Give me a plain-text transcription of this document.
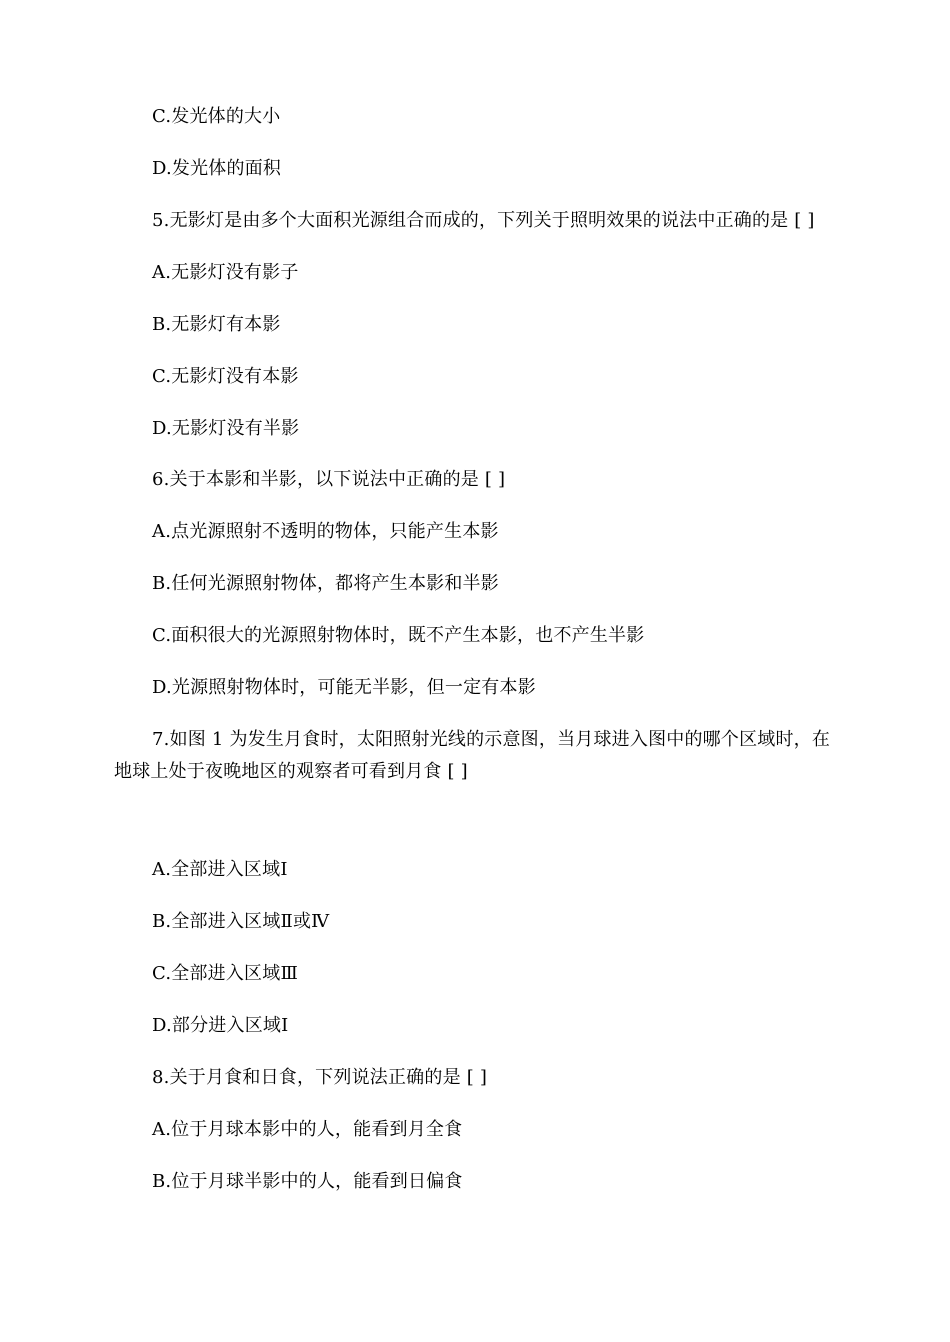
C.发光体的大小
D.发光体的面积
5.无影灯是由多个大面积光源组合而成的，下列关于照明效果的说法中正确的是 [ ]
A.无影灯没有影子
B.无影灯有本影
C.无影灯没有本影
D.无影灯没有半影
6.关于本影和半影，以下说法中正确的是 [ ]
A.点光源照射不透明的物体，只能产生本影
B.任何光源照射物体，都将产生本影和半影
C.面积很大的光源照射物体时，既不产生本影，也不产生半影
D.光源照射物体时，可能无半影，但一定有本影
7.如图 1 为发生月食时，太阳照射光线的示意图，当月球进入图中的哪个区域时，在地球上处于夜晚地区的观察者可看到月食 [ ]
A.全部进入区域Ⅰ
B.全部进入区域Ⅱ或Ⅳ
C.全部进入区域Ⅲ
D.部分进入区域Ⅰ
8.关于月食和日食，下列说法正确的是 [ ]
A.位于月球本影中的人，能看到月全食
B.位于月球半影中的人，能看到日偏食
